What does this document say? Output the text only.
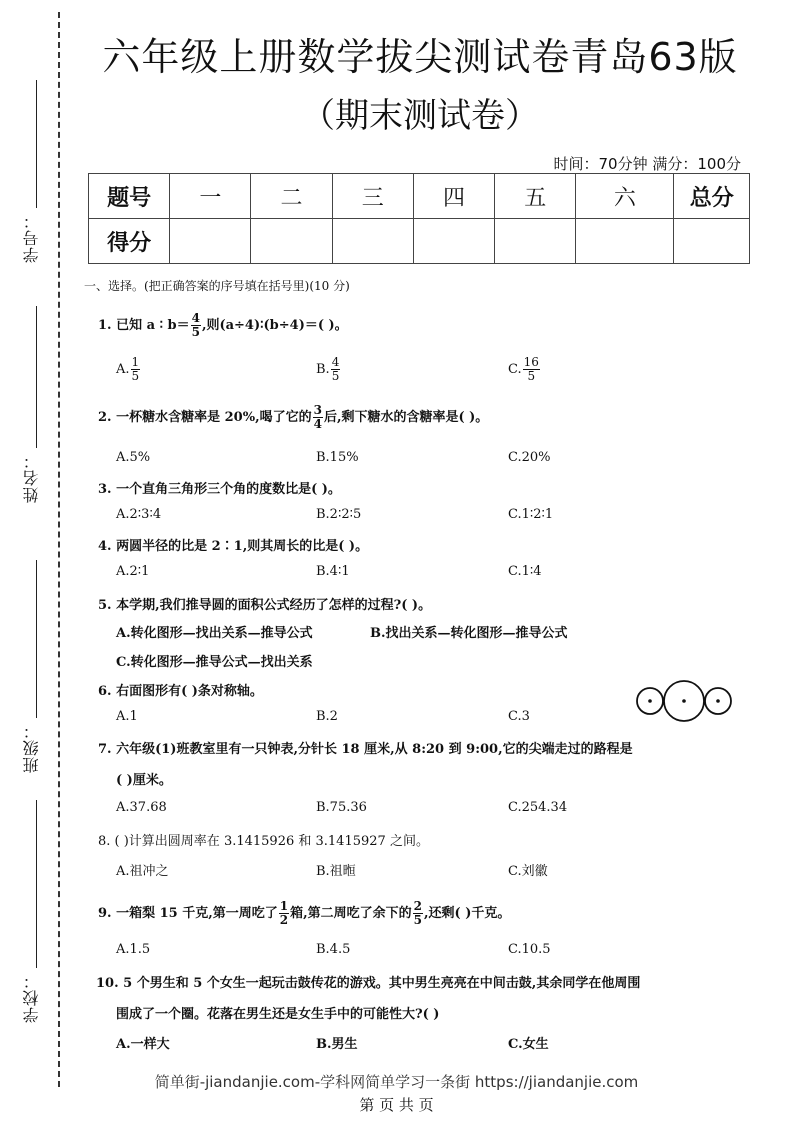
学号：
姓名：
班级：
学校：
六年级上册数学拔尖测试卷青岛63版
（期末测试卷）
时间：70分钟 满分：100分
题号	一	二	三	四	五	六	总分
得分							
一、选择。(把正确答案的序号填在括号里)(10 分)
1. 已知 a ∶ $b= \frac{4}{5}$ ,则(a÷4)∶(b÷4)＝( )。
A. $\frac{1}{5}$	B. $\frac{4}{5}$	C. $\frac{16}{5}$
2. 一杯糖水含糖率是 20%,喝了它的 $\frac{3}{4}$ 后,剩下糖水的含糖率是( )。
A.5%	B.15%	C.20%
3. 一个直角三角形三个角的度数比是( )。
A.2∶3∶4	B.2∶2∶5	C.1∶2∶1
4. 两圆半径的比是 2∶1,则其周长的比是( )。
A.2∶1	B.4∶1	C.1∶4
5. 本学期,我们推导圆的面积公式经历了怎样的过程?( )。
A.转化图形—找出关系—推导公式	B.找出关系—转化图形—推导公式
C.转化图形—推导公式—找出关系
6. 右面图形有( )条对称轴。
A.1	B.2	C.3
7. 六年级(1)班教室里有一只钟表,分针长 18 厘米,从 8:20 到 9:00,它的尖端走过的路程是
( )厘米。
A.37.68	B.75.36	C.254.34
8. ( )计算出圆周率在 3.1415926 和 3.1415927 之间。
A.祖冲之	B.祖暅	C.刘徽
9. 一箱梨 15 千克,第一周吃了 $\frac{1}{2}$ 箱,第二周吃了余下的 $\frac{2}{5}$ ,还剩( )千克。
A.1.5	B.4.5	C.10.5
10. 5 个男生和 5 个女生一起玩击鼓传花的游戏。其中男生亮亮在中间击鼓,其余同学在他周围
围成了一个圈。花落在男生还是女生手中的可能性大?( )
A.一样大	B.男生	C.女生
简单街-jiandanjie.com-学科网简单学习一条街 https://jiandanjie.com
第 页 共 页
